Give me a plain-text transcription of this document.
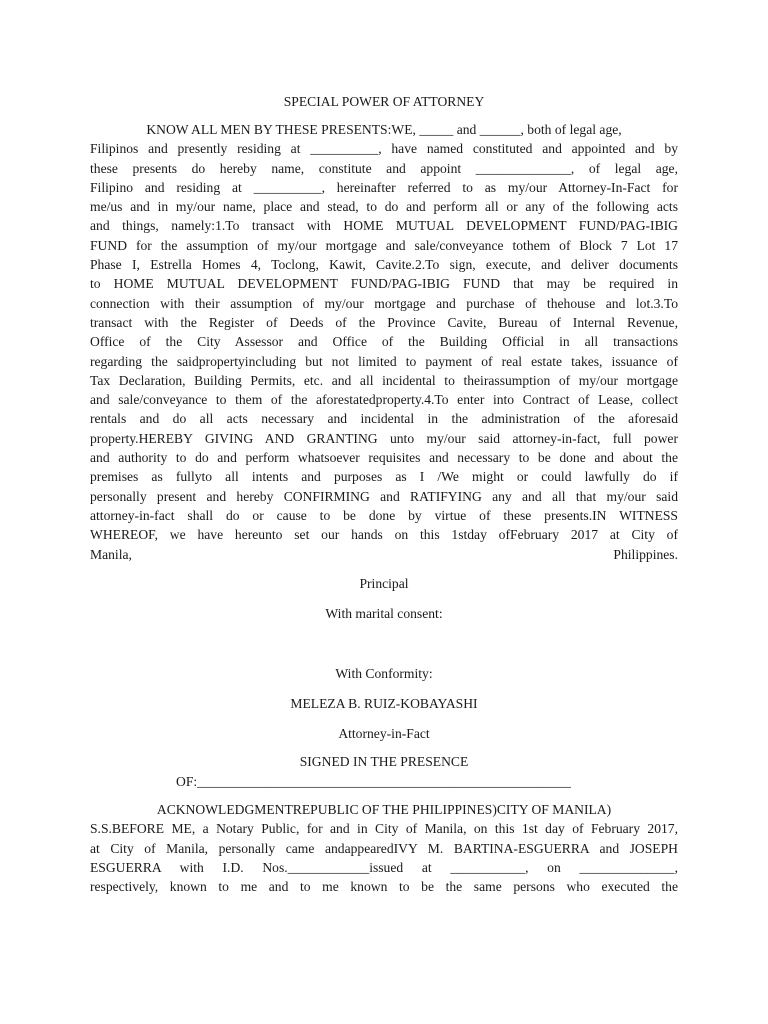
SPECIAL POWER OF ATTORNEY
KNOW ALL MEN BY THESE PRESENTS:WE, _____ and ______, both of legal age,
Filipinos and presently residing at __________, have named constituted and appointed and by
these presents do hereby name, constitute and appoint ______________, of legal age,
Filipino and residing at __________, hereinafter referred to as my/our Attorney-In-Fact for
me/us and in my/our name, place and stead, to do and perform all or any of the following acts
and things, namely:1.To transact with HOME MUTUAL DEVELOPMENT FUND/PAG-IBIG
FUND for the assumption of my/our mortgage and sale/conveyance tothem of Block 7 Lot 17
Phase I, Estrella Homes 4, Toclong, Kawit, Cavite.2.To sign, execute, and deliver documents
to HOME MUTUAL DEVELOPMENT FUND/PAG-IBIG FUND that may be required in
connection with their assumption of my/our mortgage and purchase of thehouse and lot.3.To
transact with the Register of Deeds of the Province Cavite, Bureau of Internal Revenue,
Office of the City Assessor and Office of the Building Official in all transactions
regarding the saidpropertyincluding but not limited to payment of real estate takes, issuance of
Tax Declaration, Building Permits, etc. and all incidental to theirassumption of my/our mortgage
and sale/conveyance to them of the aforestatedproperty.4.To enter into Contract of Lease, collect
rentals and do all acts necessary and incidental in the administration of the aforesaid
property.HEREBY GIVING AND GRANTING unto my/our said attorney-in-fact, full power
and authority to do and perform whatsoever requisites and necessary to be done and about the
premises as fullyto all intents and purposes as I /We might or could lawfully do if
personally present and hereby CONFIRMING and RATIFYING any and all that my/our said
attorney-in-fact shall do or cause to be done by virtue of these presents.IN WITNESS
WHEREOF, we have hereunto set our hands on this 1stday ofFebruary 2017 at City of
Manila, Philippines.
Principal
With marital consent:
With Conformity:
MELEZA B. RUIZ-KOBAYASHI
Attorney-in-Fact
SIGNED IN THE PRESENCE
OF:_______________________________________________________
ACKNOWLEDGMENTREPUBLIC OF THE PHILIPPINES)CITY OF MANILA)
S.S.BEFORE ME, a Notary Public, for and in City of Manila, on this 1st day of February 2017,
at City of Manila, personally came andappearedIVY M. BARTINA-ESGUERRA and JOSEPH
ESGUERRA with I.D. Nos.____________issued at ___________, on ______________,
respectively, known to me and to me known to be the same persons who executed the
